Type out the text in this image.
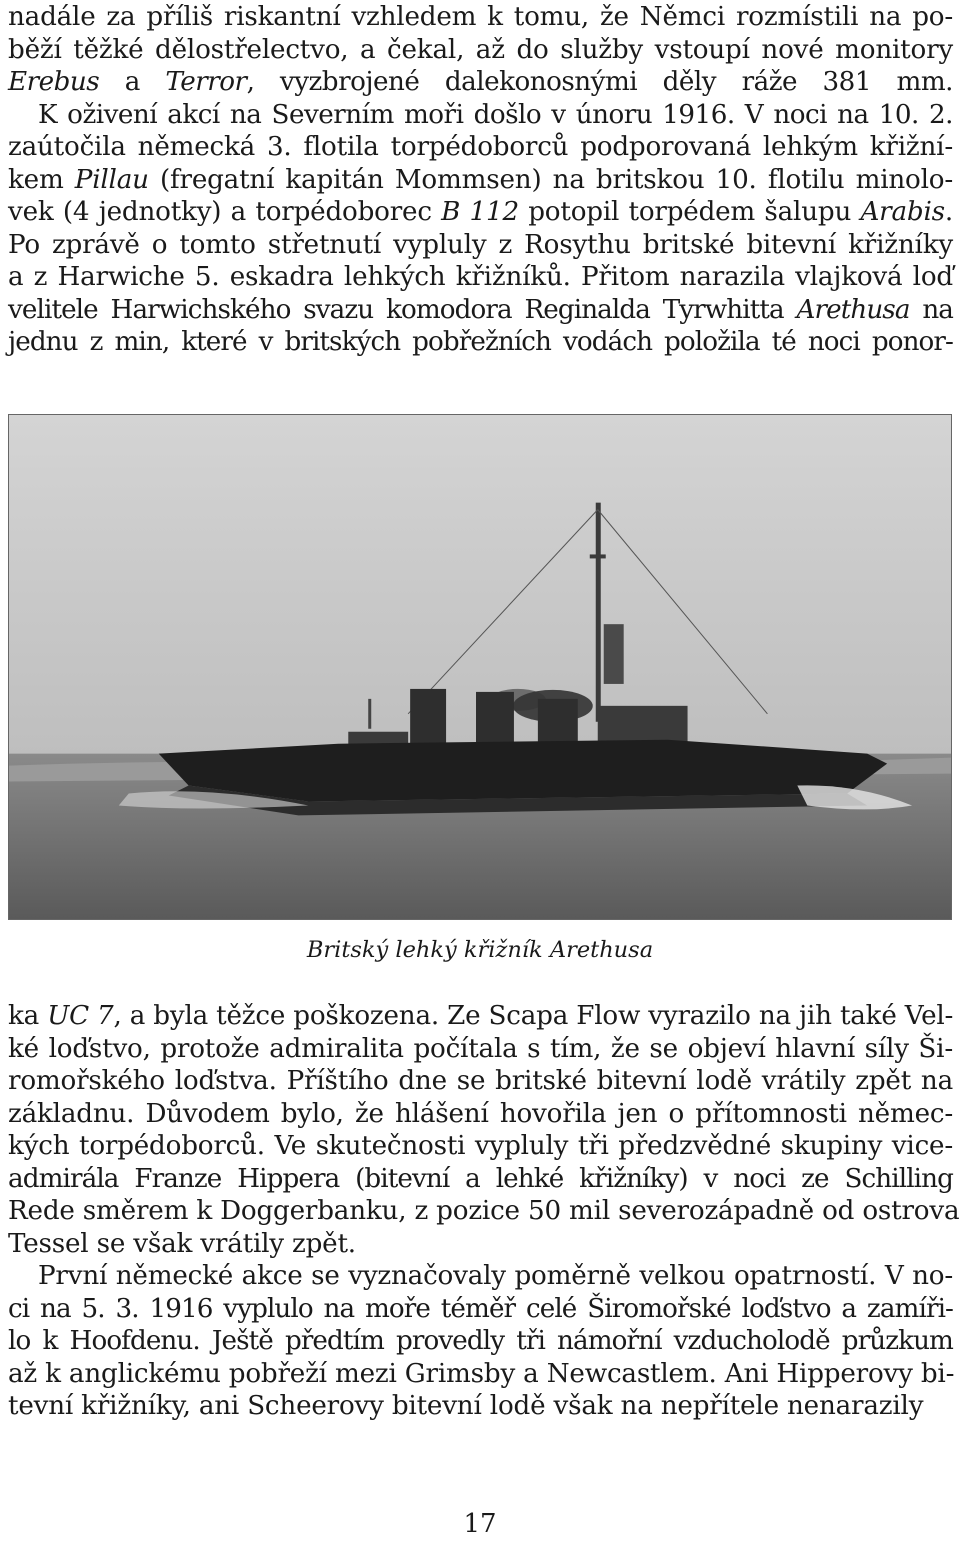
nadále za příliš riskantní vzhledem k tomu, že Němci rozmístili na po-
běží těžké dělostřelectvo, a čekal, až do služby vstoupí nové monitory
Erebus a Terror, vyzbrojené dalekonosnými děly ráže 381 mm.
K oživení akcí na Severním moři došlo v únoru 1916. V noci na 10. 2.
zaútočila německá 3. flotila torpédoborců podporovaná lehkým křižní-
kem Pillau (fregatní kapitán Mommsen) na britskou 10. flotilu minolo-
vek (4 jednotky) a torpédoborec B 112 potopil torpédem šalupu Arabis.
Po zprávě o tomto střetnutí vypluly z Rosythu britské bitevní křižníky
a z Harwiche 5. eskadra lehkých křižníků. Přitom narazila vlajková loď
velitele Harwichského svazu komodora Reginalda Tyrwhitta Arethusa na
jednu z min, které v britských pobřežních vodách položila té noci ponor-
Britský lehký křižník Arethusa
ka UC 7, a byla těžce poškozena. Ze Scapa Flow vyrazilo na jih také Vel-
ké loďstvo, protože admiralita počítala s tím, že se objeví hlavní síly Ši-
romořského loďstva. Příštího dne se britské bitevní lodě vrátily zpět na
základnu. Důvodem bylo, že hlášení hovořila jen o přítomnosti němec-
kých torpédoborců. Ve skutečnosti vypluly tři předzvědné skupiny vice-
admirála Franze Hippera (bitevní a lehké křižníky) v noci ze Schilling
Rede směrem k Doggerbanku, z pozice 50 mil severozápadně od ostrova
Tessel se však vrátily zpět.
První německé akce se vyznačovaly poměrně velkou opatrností. V no-
ci na 5. 3. 1916 vyplulo na moře téměř celé Širomořské loďstvo a zamíři-
lo k Hoofdenu. Ještě předtím provedly tři námořní vzducholodě průzkum
až k anglickému pobřeží mezi Grimsby a Newcastlem. Ani Hipperovy bi-
tevní křižníky, ani Scheerovy bitevní lodě však na nepřítele nenarazily
17
